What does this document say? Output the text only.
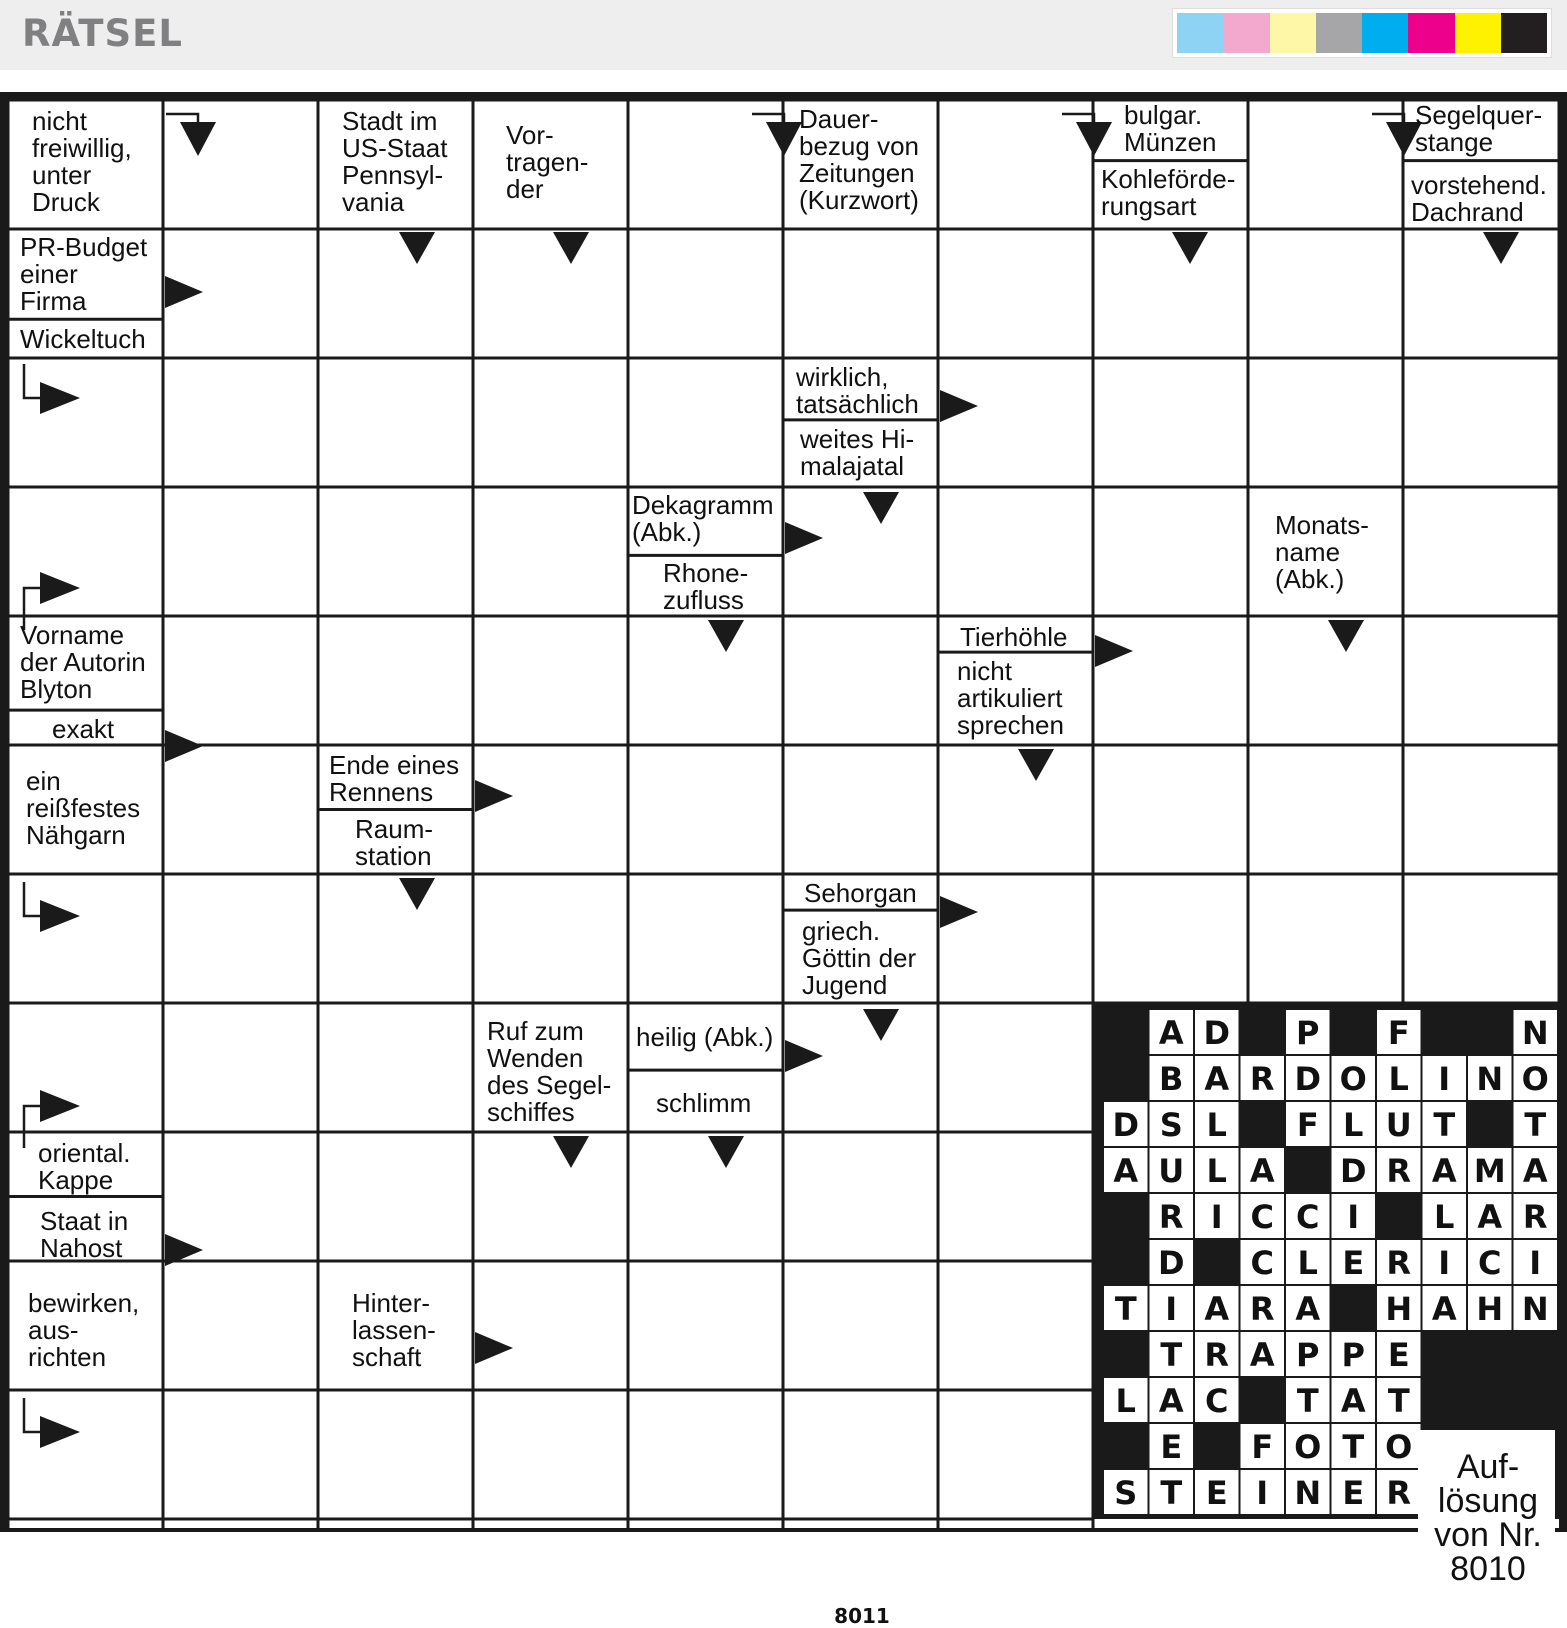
RÄTSEL
nicht
freiwillig,
unter
Druck
Stadt im
US-Staat
Pennsyl-
vania
Vor-
tragen-
der
Dauer-
bezug von
Zeitungen
(Kurzwort)
bulgar.
Münzen
Kohleförde-
rungsart
Segelquer-
stange
vorstehend.
Dachrand
PR-Budget
einer
Firma
Wickeltuch
wirklich,
tatsächlich
weites Hi-
malajatal
Dekagramm
(Abk.)
Rhone-
zufluss
Monats-
name
(Abk.)
Vorname
der Autorin
Blyton
exakt
Tierhöhle
nicht
artikuliert
sprechen
ein
reißfestes
Nähgarn
Ende eines
Rennens
Raum-
station
Sehorgan
griech.
Göttin der
Jugend
Ruf zum
Wenden
des Segel-
schiffes
heilig (Abk.)
schlimm
oriental.
Kappe
Staat in
Nahost
bewirken,
aus-
richten
Hinter-
lassen-
schaft
A D	P	F	N
B A R D O L I N O
D S L	F L U T	T
A U L A D R A M A
R I C C I	L A R
D	C L E R I C I
T I A R A H A H N
T R A P P E
L A C	T A T
E	F O T O
S T E I N E R
Auf-
lösung
von Nr.
8010
8011
